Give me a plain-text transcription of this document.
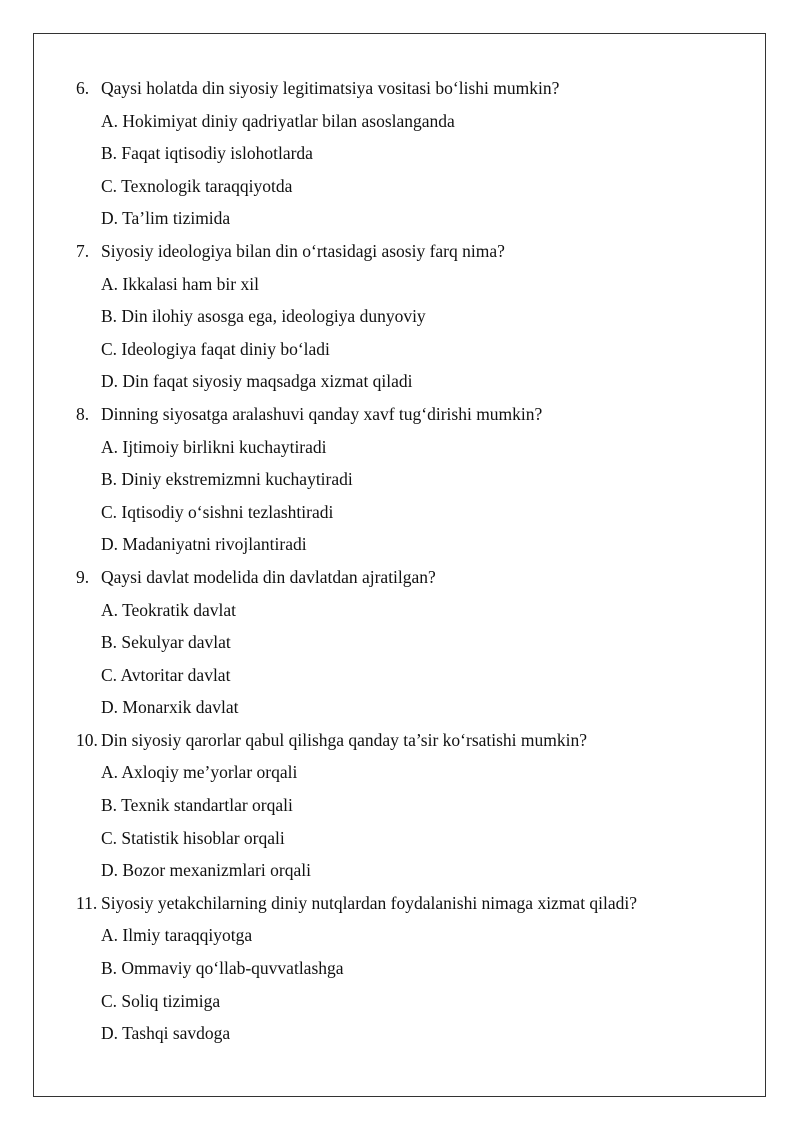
6. Qaysi holatda din siyosiy legitimatsiya vositasi bo‘lishi mumkin?
A. Hokimiyat diniy qadriyatlar bilan asoslanganda
B. Faqat iqtisodiy islohotlarda
C. Texnologik taraqqiyotda
D. Ta’lim tizimida
7. Siyosiy ideologiya bilan din o‘rtasidagi asosiy farq nima?
A. Ikkalasi ham bir xil
B. Din ilohiy asosga ega, ideologiya dunyoviy
C. Ideologiya faqat diniy bo‘ladi
D. Din faqat siyosiy maqsadga xizmat qiladi
8. Dinning siyosatga aralashuvi qanday xavf tug‘dirishi mumkin?
A. Ijtimoiy birlikni kuchaytiradi
B. Diniy ekstremizmni kuchaytiradi
C. Iqtisodiy o‘sishni tezlashtiradi
D. Madaniyatni rivojlantiradi
9. Qaysi davlat modelida din davlatdan ajratilgan?
A. Teokratik davlat
B. Sekulyar davlat
C. Avtoritar davlat
D. Monarxik davlat
10. Din siyosiy qarorlar qabul qilishga qanday ta’sir ko‘rsatishi mumkin?
A. Axloqiy me’yorlar orqali
B. Texnik standartlar orqali
C. Statistik hisoblar orqali
D. Bozor mexanizmlari orqali
11. Siyosiy yetakchilarning diniy nutqlardan foydalanishi nimaga xizmat qiladi?
A. Ilmiy taraqqiyotga
B. Ommaviy qo‘llab-quvvatlashga
C. Soliq tizimiga
D. Tashqi savdoga
